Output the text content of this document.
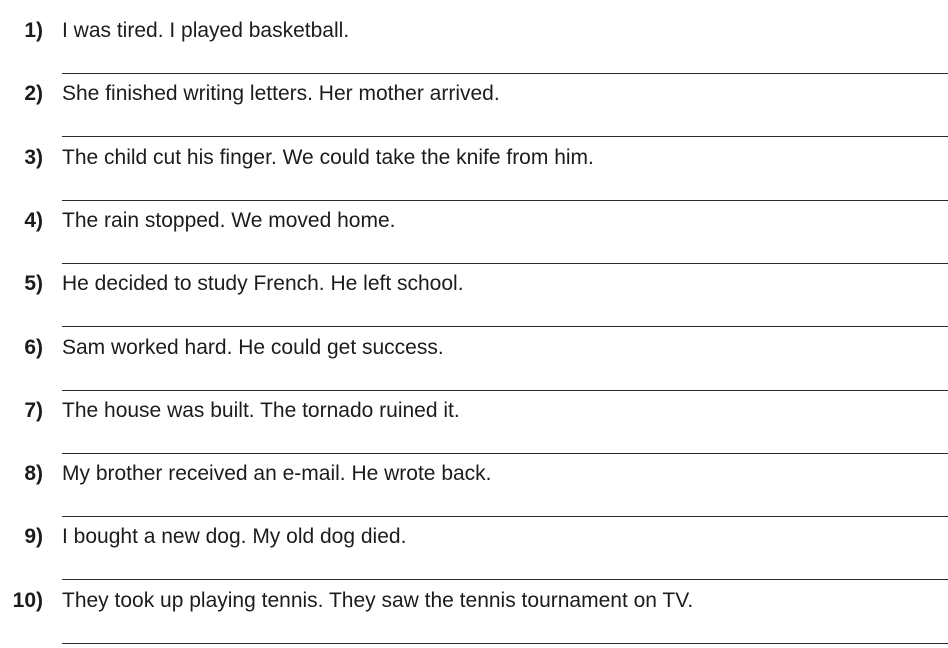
1) I was tired. I played basketball.
2) She finished writing letters. Her mother arrived.
3) The child cut his finger. We could take the knife from him.
4) The rain stopped. We moved home.
5) He decided to study French. He left school.
6) Sam worked hard. He could get success.
7) The house was built. The tornado ruined it.
8) My brother received an e-mail. He wrote back.
9) I bought a new dog. My old dog died.
10) They took up playing tennis. They saw the tennis tournament on TV.
